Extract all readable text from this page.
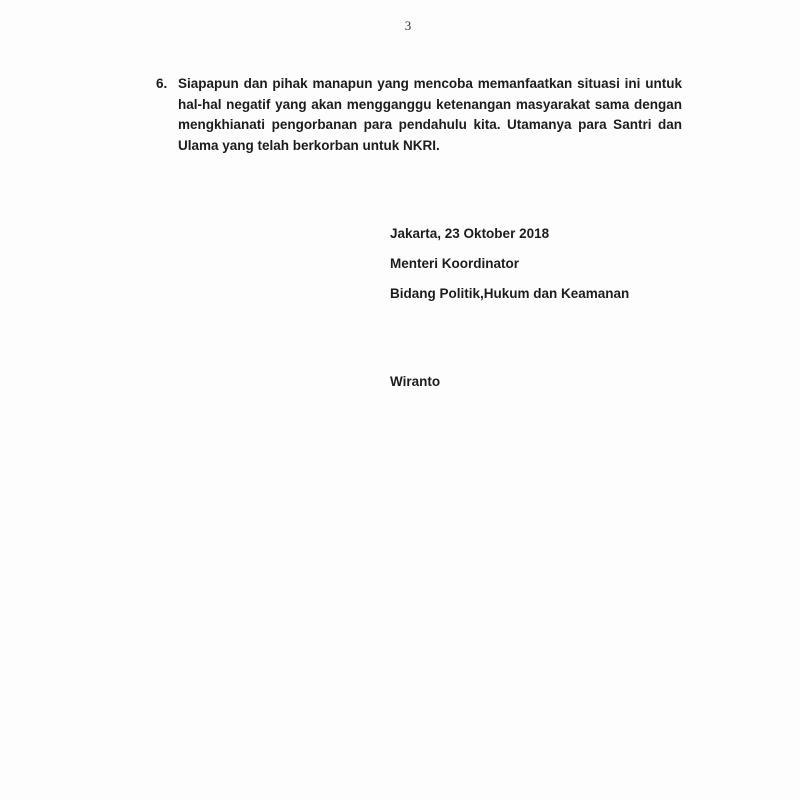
3
6. Siapapun dan pihak manapun yang mencoba memanfaatkan situasi ini untuk hal-hal negatif yang akan mengganggu ketenangan masyarakat sama dengan mengkhianati pengorbanan para pendahulu kita. Utamanya para Santri dan Ulama yang telah berkorban untuk NKRI.
Jakarta, 23 Oktober 2018
Menteri Koordinator
Bidang Politik,Hukum dan Keamanan
Wiranto
